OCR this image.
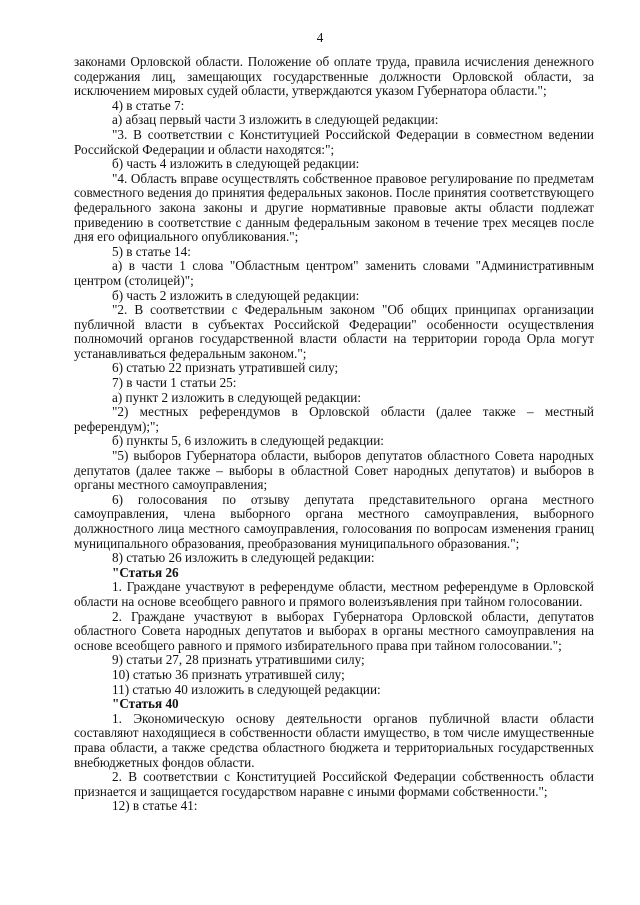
4

законами Орловской области. Положение об оплате труда, правила исчисления денежного содержания лиц, замещающих государственные должности Орловской области, за исключением мировых судей области, утверждаются указом Губернатора области.";

4) в статье 7:

а) абзац первый части 3 изложить в следующей редакции:

"3. В соответствии с Конституцией Российской Федерации в совместном ведении Российской Федерации и области находятся:";

б) часть 4 изложить в следующей редакции:

"4. Область вправе осуществлять собственное правовое регулирование по предметам совместного ведения до принятия федеральных законов. После принятия соответствующего федерального закона законы и другие нормативные правовые акты области подлежат приведению в соответствие с данным федеральным законом в течение трех месяцев после дня его официального опубликования.";

5) в статье 14:

а) в части 1 слова "Областным центром" заменить словами "Административным центром (столицей)";

б) часть 2 изложить в следующей редакции:

"2. В соответствии с Федеральным законом "Об общих принципах организации публичной власти в субъектах Российской Федерации" особенности осуществления полномочий органов государственной власти области на территории города Орла могут устанавливаться федеральным законом.";

6) статью 22 признать утратившей силу;

7) в части 1 статьи 25:

а) пункт 2 изложить в следующей редакции:

"2) местных референдумов в Орловской области (далее также – местный референдум);";

б) пункты 5, 6 изложить в следующей редакции:

"5) выборов Губернатора области, выборов депутатов областного Совета народных депутатов (далее также – выборы в областной Совет народных депутатов) и выборов в органы местного самоуправления;

6) голосования по отзыву депутата представительного органа местного самоуправления, члена выборного органа местного самоуправления, выборного должностного лица местного самоуправления, голосования по вопросам изменения границ муниципального образования, преобразования муниципального образования.";

8) статью 26 изложить в следующей редакции:

"Статья 26

1. Граждане участвуют в референдуме области, местном референдуме в Орловской области на основе всеобщего равного и прямого волеизъявления при тайном голосовании.

2. Граждане участвуют в выборах Губернатора Орловской области, депутатов областного Совета народных депутатов и выборах в органы местного самоуправления на основе всеобщего равного и прямого избирательного права при тайном голосовании.";

9) статьи 27, 28 признать утратившими силу;

10) статью 36 признать утратившей силу;

11) статью 40 изложить в следующей редакции:

"Статья 40

1. Экономическую основу деятельности органов публичной власти области составляют находящиеся в собственности области имущество, в том числе имущественные права области, а также средства областного бюджета и территориальных государственных внебюджетных фондов области.

2. В соответствии с Конституцией Российской Федерации собственность области признается и защищается государством наравне с иными формами собственности.";

12) в статье 41:
